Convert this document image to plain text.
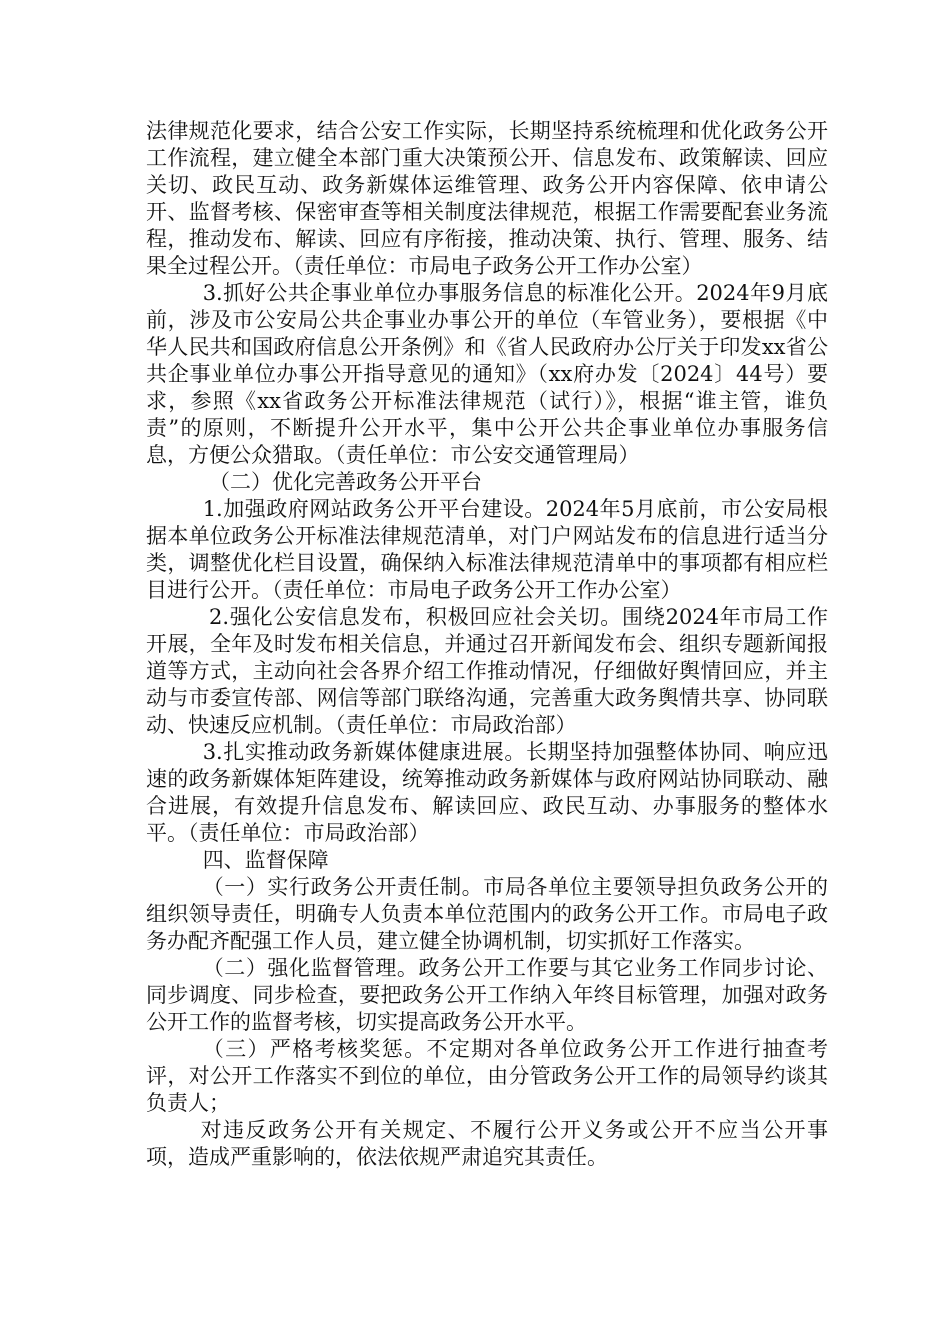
法律规范化要求，结合公安工作实际，长期坚持系统梳理和优化政务公开工作流程，建立健全本部门重大决策预公开、信息发布、政策解读、回应关切、政民互动、政务新媒体运维管理、政务公开内容保障、依申请公开、监督考核、保密审查等相关制度法律规范，根据工作需要配套业务流程，推动发布、解读、回应有序衔接，推动决策、执行、管理、服务、结果全过程公开。（责任单位：市局电子政务公开工作办公室）

3.抓好公共企事业单位办事服务信息的标准化公开。2024年9月底前，涉及市公安局公共企事业办事公开的单位（车管业务），要根据《中华人民共和国政府信息公开条例》和《省人民政府办公厅关于印发xx省公共企事业单位办事公开指导意见的通知》（xx府办发〔2024〕44号）要求，参照《xx省政务公开标准法律规范（试行）》，根据“谁主管，谁负责”的原则，不断提升公开水平，集中公开公共企事业单位办事服务信息，方便公众猎取。（责任单位：市公安交通管理局）

（二）优化完善政务公开平台

1.加强政府网站政务公开平台建设。2024年5月底前，市公安局根据本单位政务公开标准法律规范清单，对门户网站发布的信息进行适当分类，调整优化栏目设置，确保纳入标准法律规范清单中的事项都有相应栏目进行公开。（责任单位：市局电子政务公开工作办公室）

2.强化公安信息发布，积极回应社会关切。围绕2024年市局工作开展，全年及时发布相关信息，并通过召开新闻发布会、组织专题新闻报道等方式，主动向社会各界介绍工作推动情况，仔细做好舆情回应，并主动与市委宣传部、网信等部门联络沟通，完善重大政务舆情共享、协同联动、快速反应机制。（责任单位：市局政治部）

3.扎实推动政务新媒体健康进展。长期坚持加强整体协同、响应迅速的政务新媒体矩阵建设，统筹推动政务新媒体与政府网站协同联动、融合进展，有效提升信息发布、解读回应、政民互动、办事服务的整体水平。（责任单位：市局政治部）

四、监督保障

（一）实行政务公开责任制。市局各单位主要领导担负政务公开的组织领导责任，明确专人负责本单位范围内的政务公开工作。市局电子政务办配齐配强工作人员，建立健全协调机制，切实抓好工作落实。

（二）强化监督管理。政务公开工作要与其它业务工作同步讨论、同步调度、同步检查，要把政务公开工作纳入年终目标管理，加强对政务公开工作的监督考核，切实提高政务公开水平。

（三）严格考核奖惩。不定期对各单位政务公开工作进行抽查考评，对公开工作落实不到位的单位，由分管政务公开工作的局领导约谈其负责人；

对违反政务公开有关规定、不履行公开义务或公开不应当公开事项，造成严重影响的，依法依规严肃追究其责任。
